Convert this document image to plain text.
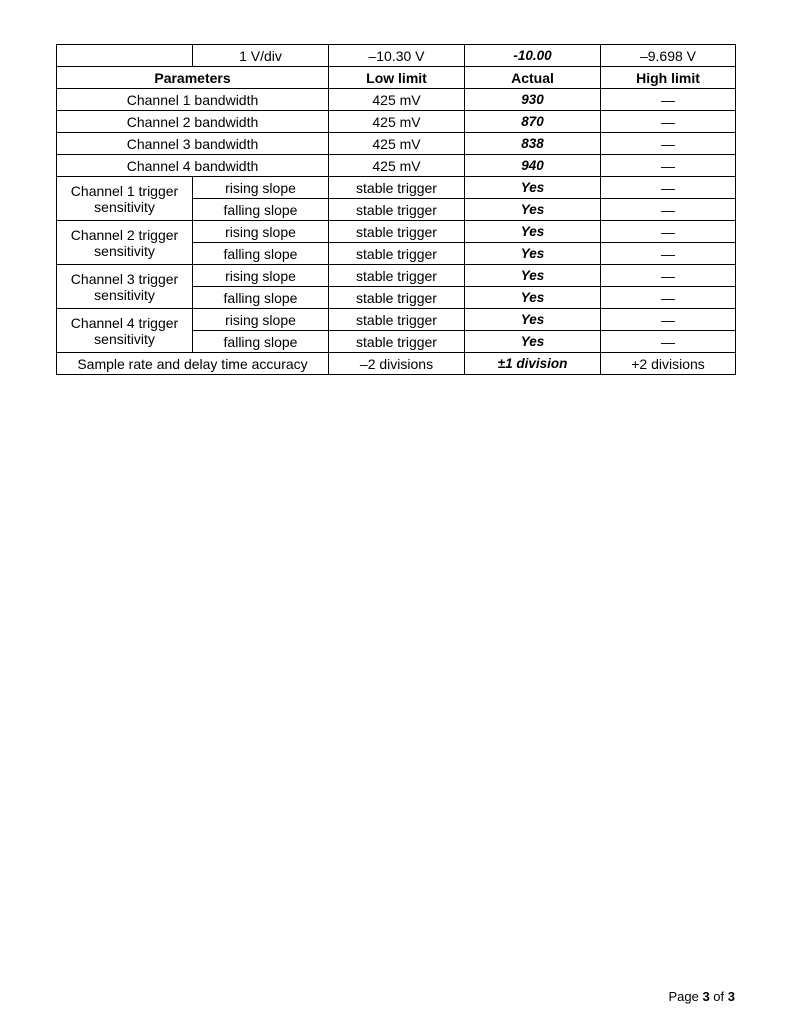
	1 V/div	–10.30 V	-10.00	–9.698 V
Parameters		Low limit	Actual	High limit
Channel 1 bandwidth		425 mV	930	—
Channel 2 bandwidth		425 mV	870	—
Channel 3 bandwidth		425 mV	838	—
Channel 4 bandwidth		425 mV	940	—
Channel 1 trigger sensitivity	rising slope	stable trigger	Yes	—
	falling slope	stable trigger	Yes	—
Channel 2 trigger sensitivity	rising slope	stable trigger	Yes	—
	falling slope	stable trigger	Yes	—
Channel 3 trigger sensitivity	rising slope	stable trigger	Yes	—
	falling slope	stable trigger	Yes	—
Channel 4 trigger sensitivity	rising slope	stable trigger	Yes	—
	falling slope	stable trigger	Yes	—
Sample rate and delay time accuracy		–2 divisions	±1 division	+2 divisions
Page 3 of 3
